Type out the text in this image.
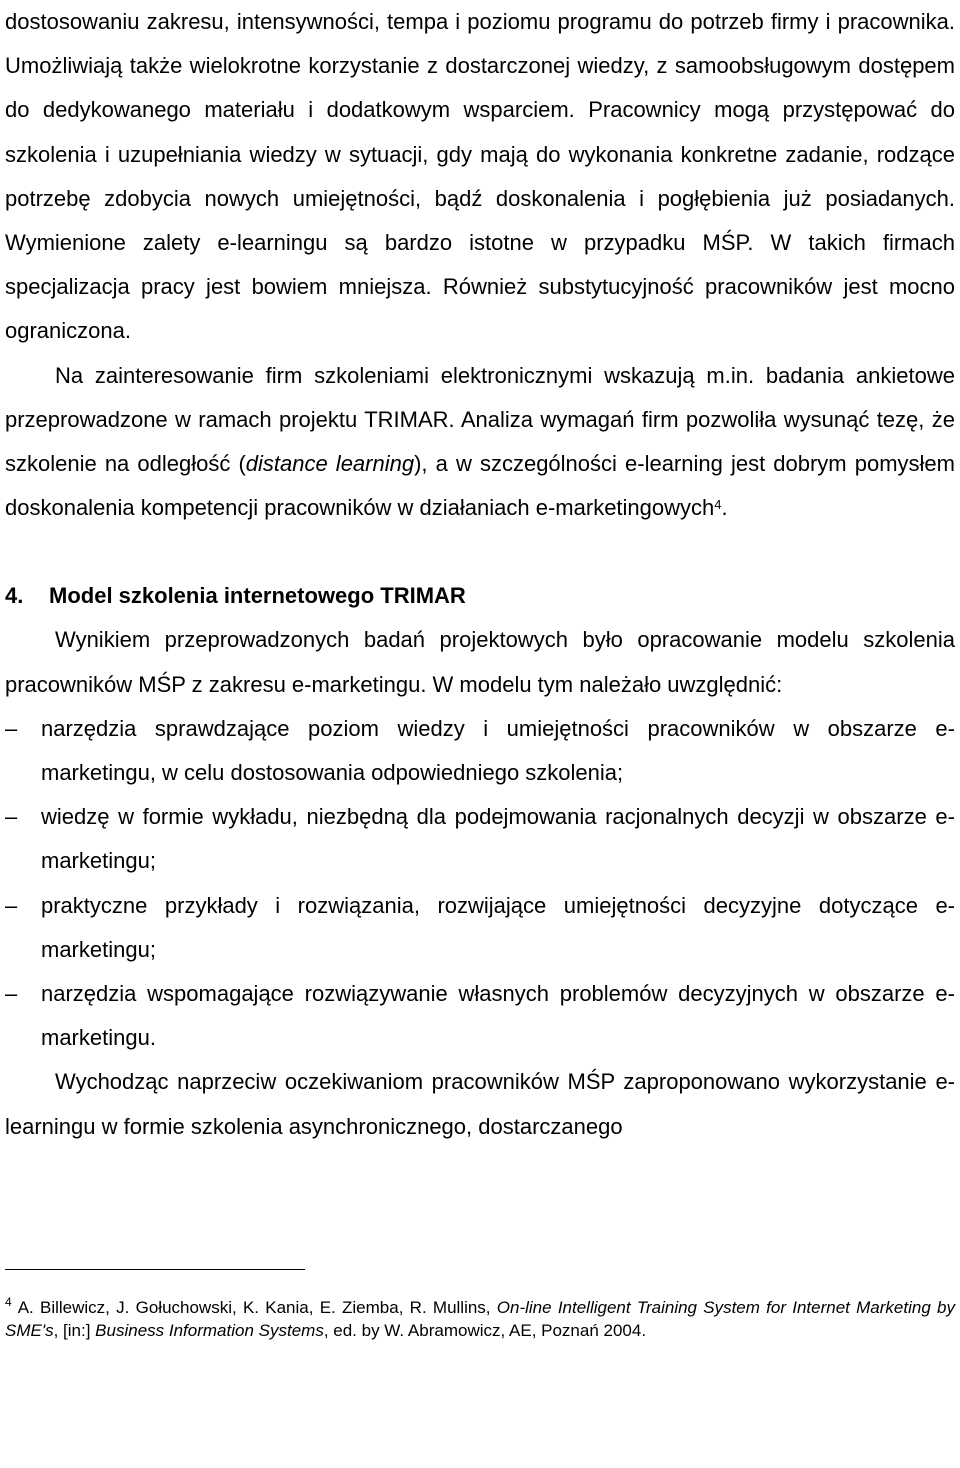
dostosowaniu zakresu, intensywności, tempa i poziomu programu do potrzeb firmy i pracownika. Umożliwiają także wielokrotne korzystanie z dostarczonej wiedzy, z samoobsługowym dostępem do dedykowanego materiału i dodatkowym wsparciem. Pracownicy mogą przystępować do szkolenia i uzupełniania wiedzy w sytuacji, gdy mają do wykonania konkretne zadanie, rodzące potrzebę zdobycia nowych umiejętności, bądź doskonalenia i pogłębienia już posiadanych. Wymienione zalety e-learningu są bardzo istotne w przypadku MŚP. W takich firmach specjalizacja pracy jest bowiem mniejsza. Również substytucyjność pracowników jest mocno ograniczona.

Na zainteresowanie firm szkoleniami elektronicznymi wskazują m.in. badania ankietowe przeprowadzone w ramach projektu TRIMAR. Analiza wymagań firm pozwoliła wysunąć tezę, że szkolenie na odległość (distance learning), a w szczególności e-learning jest dobrym pomysłem doskonalenia kompetencji pracowników w działaniach e-marketingowych$^4$.

4. Model szkolenia internetowego TRIMAR

Wynikiem przeprowadzonych badań projektowych było opracowanie modelu szkolenia pracowników MŚP z zakresu e-marketingu. W modelu tym należało uwzględnić:

–	narzędzia sprawdzające poziom wiedzy i umiejętności pracowników w obszarze e-marketingu, w celu dostosowania odpowiedniego szkolenia;
–	wiedzę w formie wykładu, niezbędną dla podejmowania racjonalnych decyzji w obszarze e-marketingu;
–	praktyczne przykłady i rozwiązania, rozwijające umiejętności decyzyjne dotyczące e-marketingu;
–	narzędzia wspomagające rozwiązywanie własnych problemów decyzyjnych w obszarze e-marketingu.

Wychodząc naprzeciw oczekiwaniom pracowników MŚP zaproponowano wykorzystanie e-learningu w formie szkolenia asynchronicznego, dostarczanego

$^4$ A. Billewicz, J. Gołuchowski, K. Kania, E. Ziemba, R. Mullins, On-line Intelligent Training System for Internet Marketing by SME's, [in:] Business Information Systems, ed. by W. Abramowicz, AE, Poznań 2004.
